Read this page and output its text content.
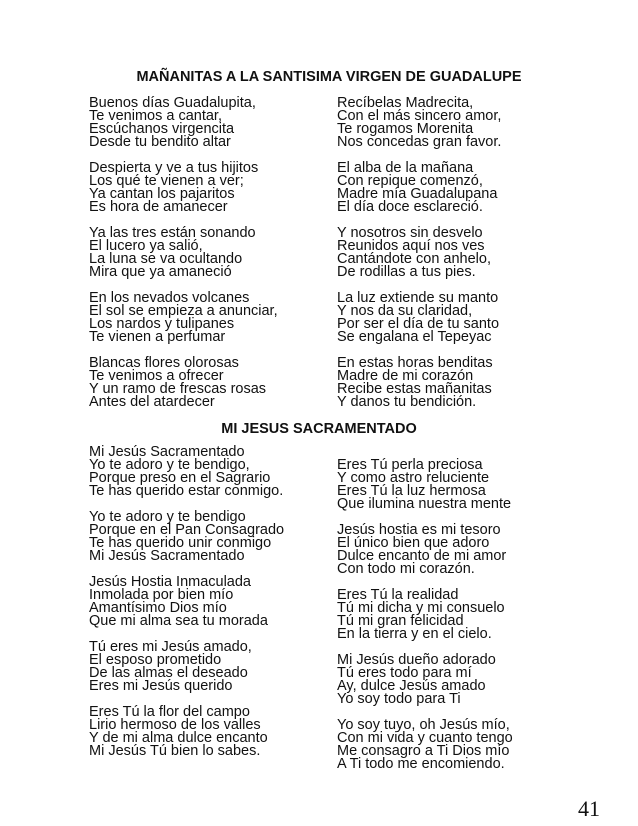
MAÑANITAS A LA SANTISIMA VIRGEN DE GUADALUPE
Buenos días Guadalupita,
Te venimos a cantar,
Escúchanos virgencita
Desde tu bendito altar
Despierta y ve a tus hijitos
Los qué te vienen a ver;
Ya cantan los pajaritos
Es hora de amanecer
Ya las tres están sonando
El lucero ya salió,
La luna se va ocultando
Mira que ya amaneció
En los nevados volcanes
El sol se empieza a anunciar,
Los nardos y tulipanes
Te vienen a perfumar
Blancas flores olorosas
Te venimos a ofrecer
Y un ramo de frescas rosas
Antes del atardecer
Recíbelas Madrecita,
Con el más sincero amor,
Te rogamos Morenita
Nos concedas gran favor.
El alba de la mañana
Con repique comenzó,
Madre mía Guadalupana
El día doce esclareció.
Y nosotros sin desvelo
Reunidos aquí nos ves
Cantándote con anhelo,
De rodillas a tus pies.
La luz extiende su manto
Y nos da su claridad,
Por ser el día de tu santo
Se engalana el Tepeyac
En estas horas benditas
Madre de mi corazón
Recibe estas mañanitas
Y danos tu bendición.
MI JESUS SACRAMENTADO
Mi Jesús Sacramentado
Yo te adoro y te bendigo,
Porque preso en el Sagrario
Te has querido estar conmigo.
Yo te adoro y te bendigo
Porque en el Pan Consagrado
Te has querido unir conmigo
Mi Jesús Sacramentado
Jesús Hostia Inmaculada
Inmolada por bien mío
Amantísimo Dios mío
Que mi alma sea tu morada
Tú eres mi Jesús amado,
El esposo prometido
De las almas el deseado
Eres mi Jesús querido
Eres Tú la flor del campo
Lirio hermoso de los valles
Y de mi alma dulce encanto
Mi Jesús Tú bien lo sabes.
Eres Tú perla preciosa
Y como astro reluciente
Eres Tú la luz hermosa
Que ilumina nuestra mente
Jesús hostia es mi tesoro
El único bien que adoro
Dulce encanto de mi amor
Con todo mi corazón.
Eres Tú la realidad
Tú mi dicha y mi consuelo
Tú mi gran felicidad
En la tierra y en el cielo.
Mi Jesús dueño adorado
Tú eres todo para mí
Ay, dulce Jesús amado
Yo soy todo para Ti
Yo soy tuyo, oh Jesús mío,
Con mi vida y cuanto tengo
Me consagro a Ti Dios mío
A Ti todo me encomiendo.
41
